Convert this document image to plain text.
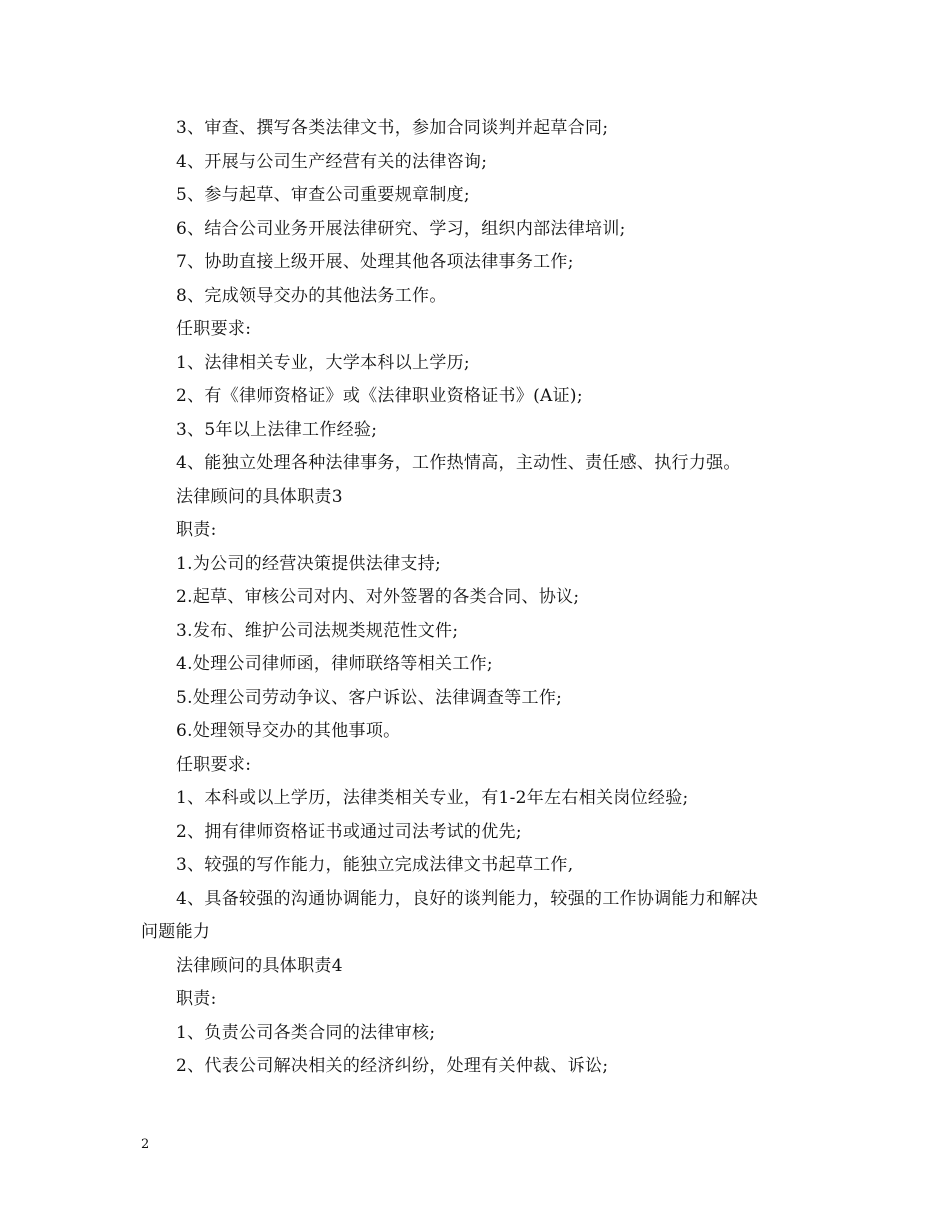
3、审查、撰写各类法律文书，参加合同谈判并起草合同;
4、开展与公司生产经营有关的法律咨询;
5、参与起草、审查公司重要规章制度;
6、结合公司业务开展法律研究、学习，组织内部法律培训;
7、协助直接上级开展、处理其他各项法律事务工作;
8、完成领导交办的其他法务工作。
任职要求:
1、法律相关专业，大学本科以上学历;
2、有《律师资格证》或《法律职业资格证书》(A证);
3、5年以上法律工作经验;
4、能独立处理各种法律事务，工作热情高，主动性、责任感、执行力强。
法律顾问的具体职责3
职责:
1.为公司的经营决策提供法律支持;
2.起草、审核公司对内、对外签署的各类合同、协议;
3.发布、维护公司法规类规范性文件;
4.处理公司律师函，律师联络等相关工作;
5.处理公司劳动争议、客户诉讼、法律调查等工作;
6.处理领导交办的其他事项。
任职要求:
1、本科或以上学历，法律类相关专业，有1-2年左右相关岗位经验;
2、拥有律师资格证书或通过司法考试的优先;
3、较强的写作能力，能独立完成法律文书起草工作,
4、具备较强的沟通协调能力，良好的谈判能力，较强的工作协调能力和解决
问题能力
法律顾问的具体职责4
职责:
1、负责公司各类合同的法律审核;
2、代表公司解决相关的经济纠纷，处理有关仲裁、诉讼;
2
